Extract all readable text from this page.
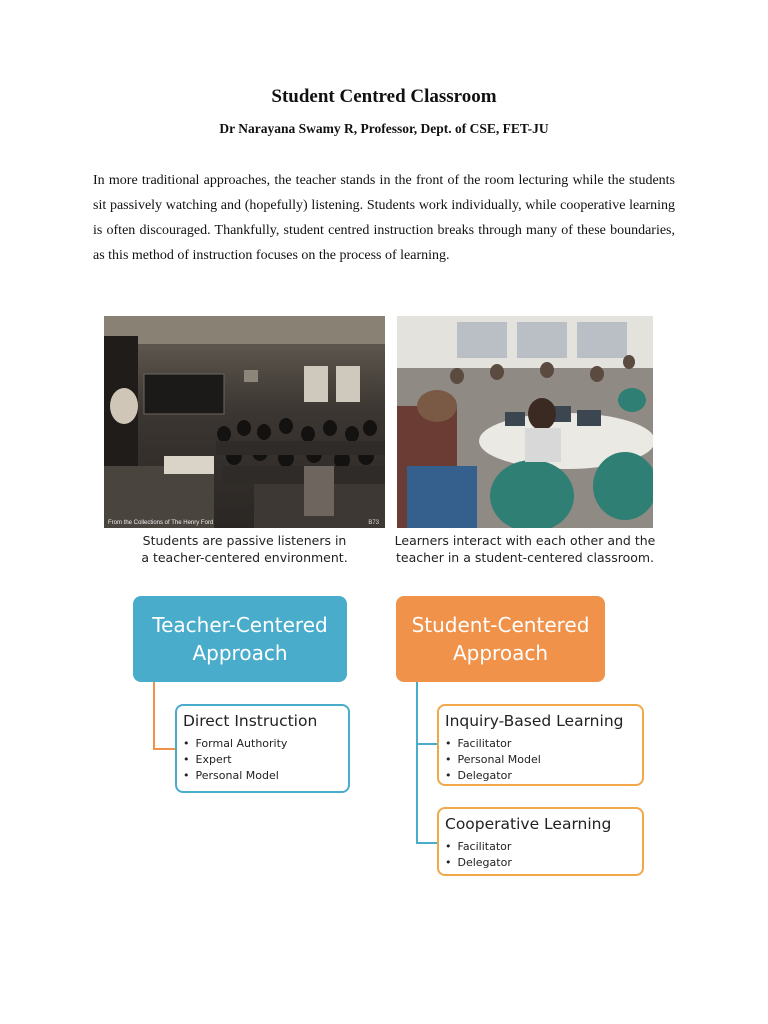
Student Centred Classroom
Dr Narayana Swamy R, Professor, Dept. of CSE, FET-JU
In more traditional approaches, the teacher stands in the front of the room lecturing while the students sit passively watching and (hopefully) listening. Students work individually, while cooperative learning is often discouraged. Thankfully, student centred instruction breaks through many of these boundaries, as this method of instruction focuses on the process of learning.
From the Collections of The Henry Ford	B73
Students are passive listeners in
a teacher-centered environment.
Learners interact with each other and the
teacher in a student-centered classroom.
Teacher-Centered
Approach
Student-Centered
Approach
Direct Instruction
• Formal Authority
• Expert
• Personal Model
Inquiry-Based Learning
• Facilitator
• Personal Model
• Delegator
Cooperative Learning
• Facilitator
• Delegator
